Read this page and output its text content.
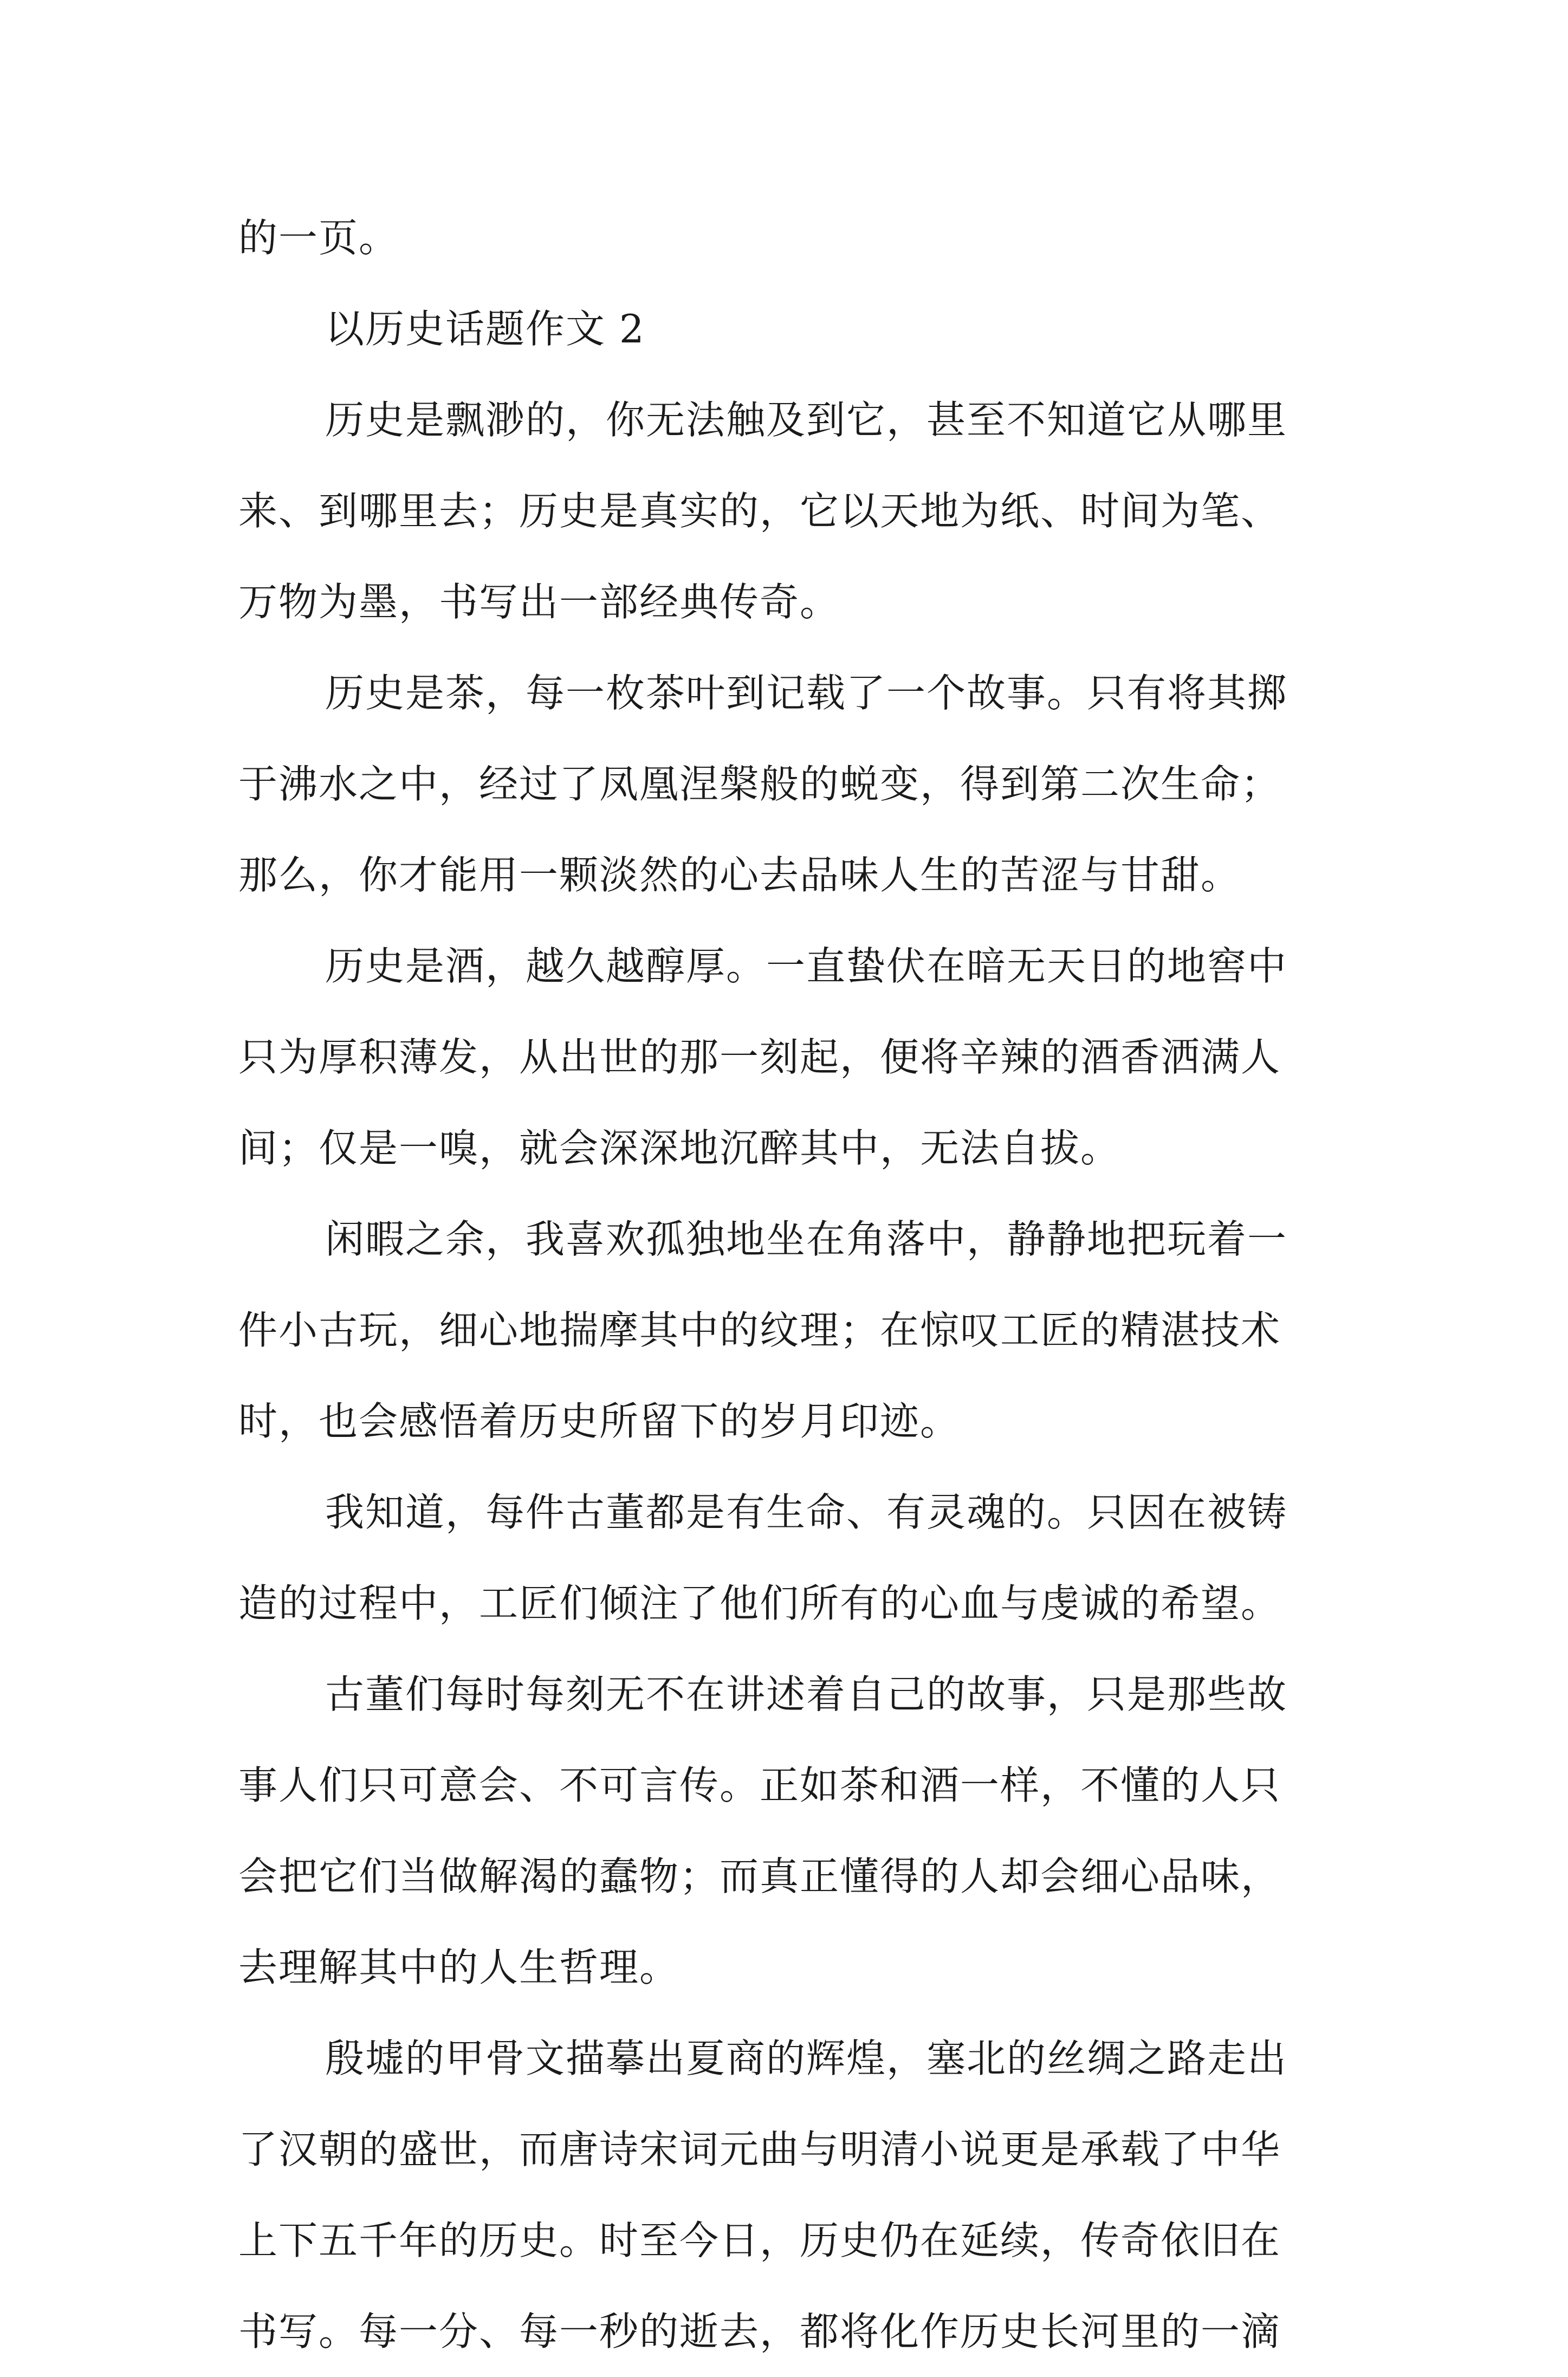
的一页。
以历史话题作文 2
历史是飘渺的，你无法触及到它，甚至不知道它从哪里
来、到哪里去；历史是真实的，它以天地为纸、时间为笔、
万物为墨，书写出一部经典传奇。
历史是茶，每一枚茶叶到记载了一个故事。只有将其掷
于沸水之中，经过了凤凰涅槃般的蜕变，得到第二次生命；
那么，你才能用一颗淡然的心去品味人生的苦涩与甘甜。
历史是酒，越久越醇厚。一直蛰伏在暗无天日的地窖中
只为厚积薄发，从出世的那一刻起，便将辛辣的酒香洒满人
间；仅是一嗅，就会深深地沉醉其中，无法自拔。
闲暇之余，我喜欢孤独地坐在角落中，静静地把玩着一
件小古玩，细心地揣摩其中的纹理；在惊叹工匠的精湛技术
时，也会感悟着历史所留下的岁月印迹。
我知道，每件古董都是有生命、有灵魂的。只因在被铸
造的过程中，工匠们倾注了他们所有的心血与虔诚的希望。
古董们每时每刻无不在讲述着自己的故事，只是那些故
事人们只可意会、不可言传。正如茶和酒一样，不懂的人只
会把它们当做解渴的蠢物；而真正懂得的人却会细心品味，
去理解其中的人生哲理。
殷墟的甲骨文描摹出夏商的辉煌，塞北的丝绸之路走出
了汉朝的盛世，而唐诗宋词元曲与明清小说更是承载了中华
上下五千年的历史。时至今日，历史仍在延续，传奇依旧在
书写。每一分、每一秒的逝去，都将化作历史长河里的一滴
